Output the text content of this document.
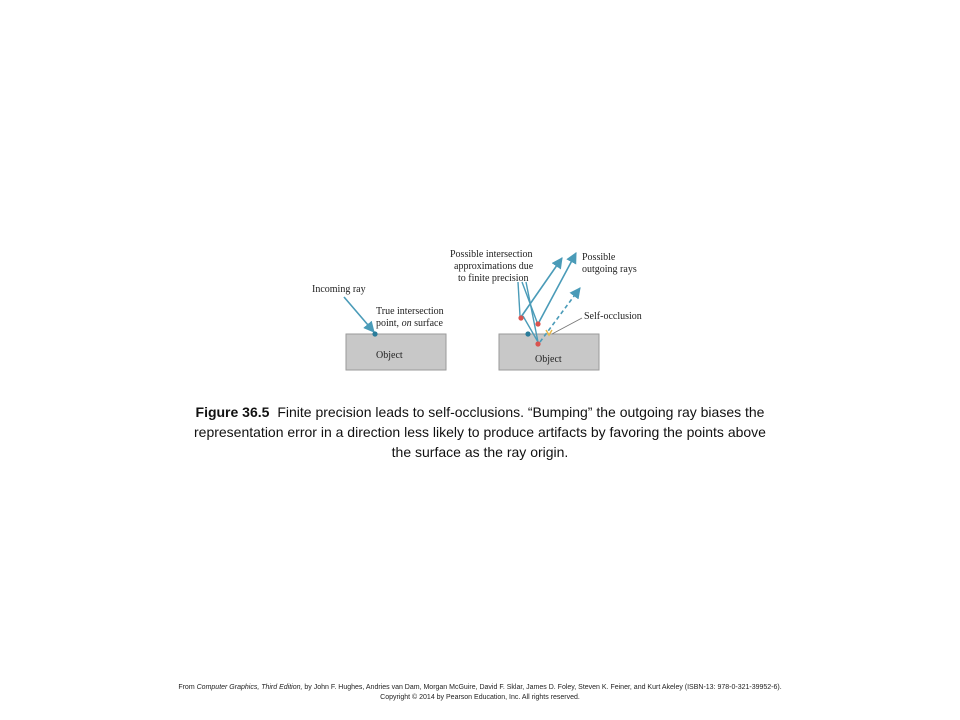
Object
Incoming ray
True intersection point, on surface
Object
Possible intersection approximations due to finite precision
Possible outgoing rays
Self-occlusion
Figure 36.5 Finite precision leads to self-occlusions. “Bumping” the outgoing ray biases the representation error in a direction less likely to produce artifacts by favoring the points above the surface as the ray origin.
From Computer Graphics, Third Edition, by John F. Hughes, Andries van Dam, Morgan McGuire, David F. Sklar, James D. Foley, Steven K. Feiner, and Kurt Akeley (ISBN-13: 978-0-321-39952-6).
Copyright © 2014 by Pearson Education, Inc. All rights reserved.
